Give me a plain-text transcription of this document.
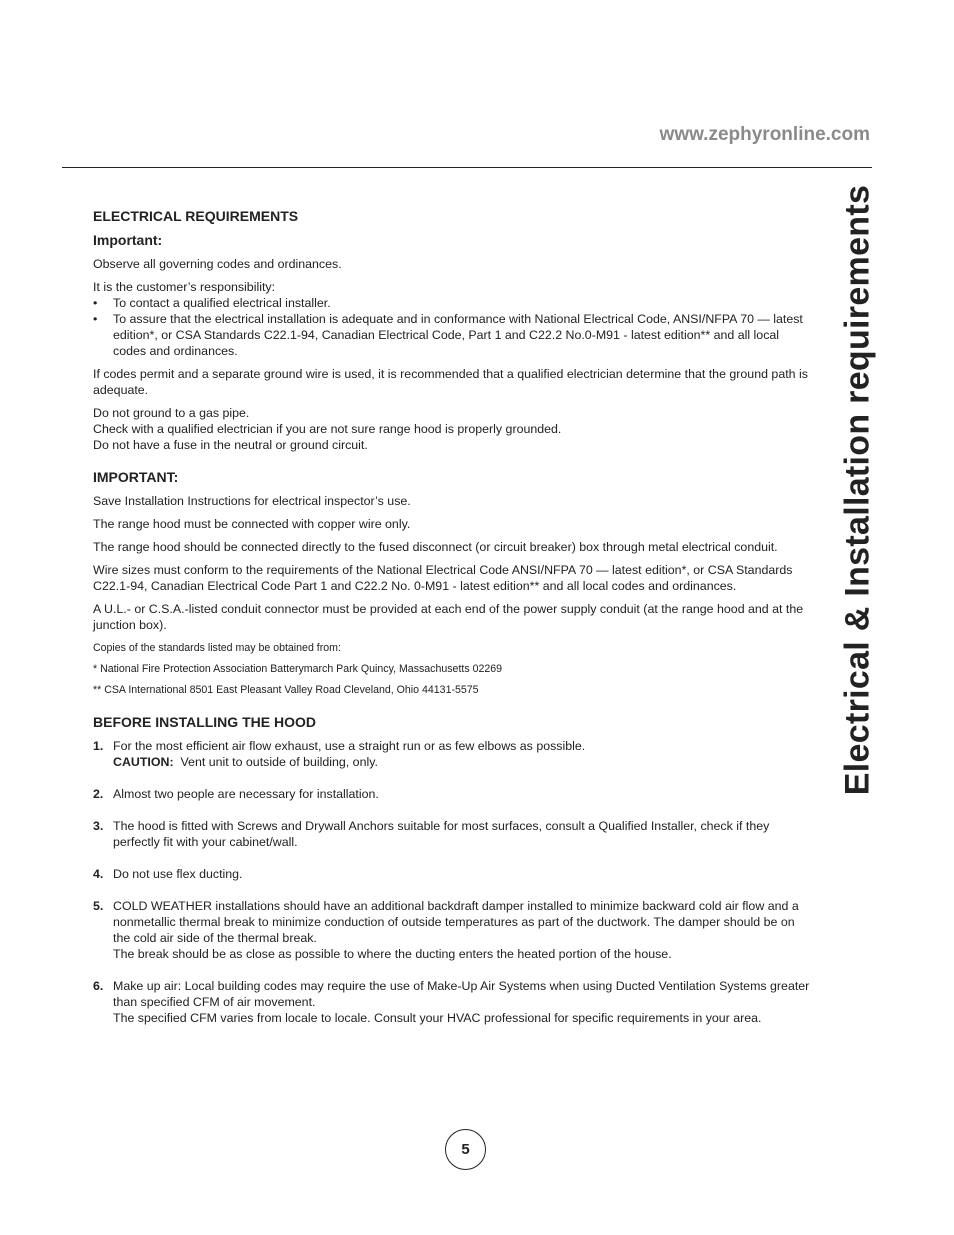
www.zephyronline.com
Electrical & Installation requirements
ELECTRICAL REQUIREMENTS
Important:

Observe all governing codes and ordinances.

It is the customer’s responsibility:

• To contact a qualified electrical installer.
• To assure that the electrical installation is adequate and in conformance with National Electrical Code, ANSI/NFPA 70 — latest edition*, or CSA Standards C22.1-94, Canadian Electrical Code, Part 1 and C22.2 No.0-M91 - latest edition** and all local codes and ordinances.

If codes permit and a separate ground wire is used, it is recommended that a qualified electrician determine that the ground path is adequate.

Do not ground to a gas pipe.
Check with a qualified electrician if you are not sure range hood is properly grounded.
Do not have a fuse in the neutral or ground circuit.

IMPORTANT:

Save Installation Instructions for electrical inspector’s use.

The range hood must be connected with copper wire only.

The range hood should be connected directly to the fused disconnect (or circuit breaker) box through metal electrical conduit.

Wire sizes must conform to the requirements of the National Electrical Code ANSI/NFPA 70 — latest edition*, or CSA Standards C22.1-94, Canadian Electrical Code Part 1 and C22.2 No. 0-M91 - latest edition** and all local codes and ordinances.

A U.L.- or C.S.A.-listed conduit connector must be provided at each end of the power supply conduit (at the range hood and at the junction box).

Copies of the standards listed may be obtained from:

* National Fire Protection Association Batterymarch Park Quincy, Massachusetts 02269

** CSA International 8501 East Pleasant Valley Road Cleveland, Ohio 44131-5575

BEFORE INSTALLING THE HOOD
1. For the most efficient air flow exhaust, use a straight run or as few elbows as possible.
CAUTION: Vent unit to outside of building, only.
2. Almost two people are necessary for installation.
3. The hood is fitted with Screws and Drywall Anchors suitable for most surfaces, consult a Qualified Installer, check if they perfectly fit with your cabinet/wall.
4. Do not use flex ducting.
5. COLD WEATHER installations should have an additional backdraft damper installed to minimize backward cold air flow and a nonmetallic thermal break to minimize conduction of outside temperatures as part of the ductwork. The damper should be on the cold air side of the thermal break.
The break should be as close as possible to where the ducting enters the heated portion of the house.
6. Make up air: Local building codes may require the use of Make-Up Air Systems when using Ducted Ventilation Systems greater than specified CFM of air movement.
The specified CFM varies from locale to locale. Consult your HVAC professional for specific requirements in your area.
5
